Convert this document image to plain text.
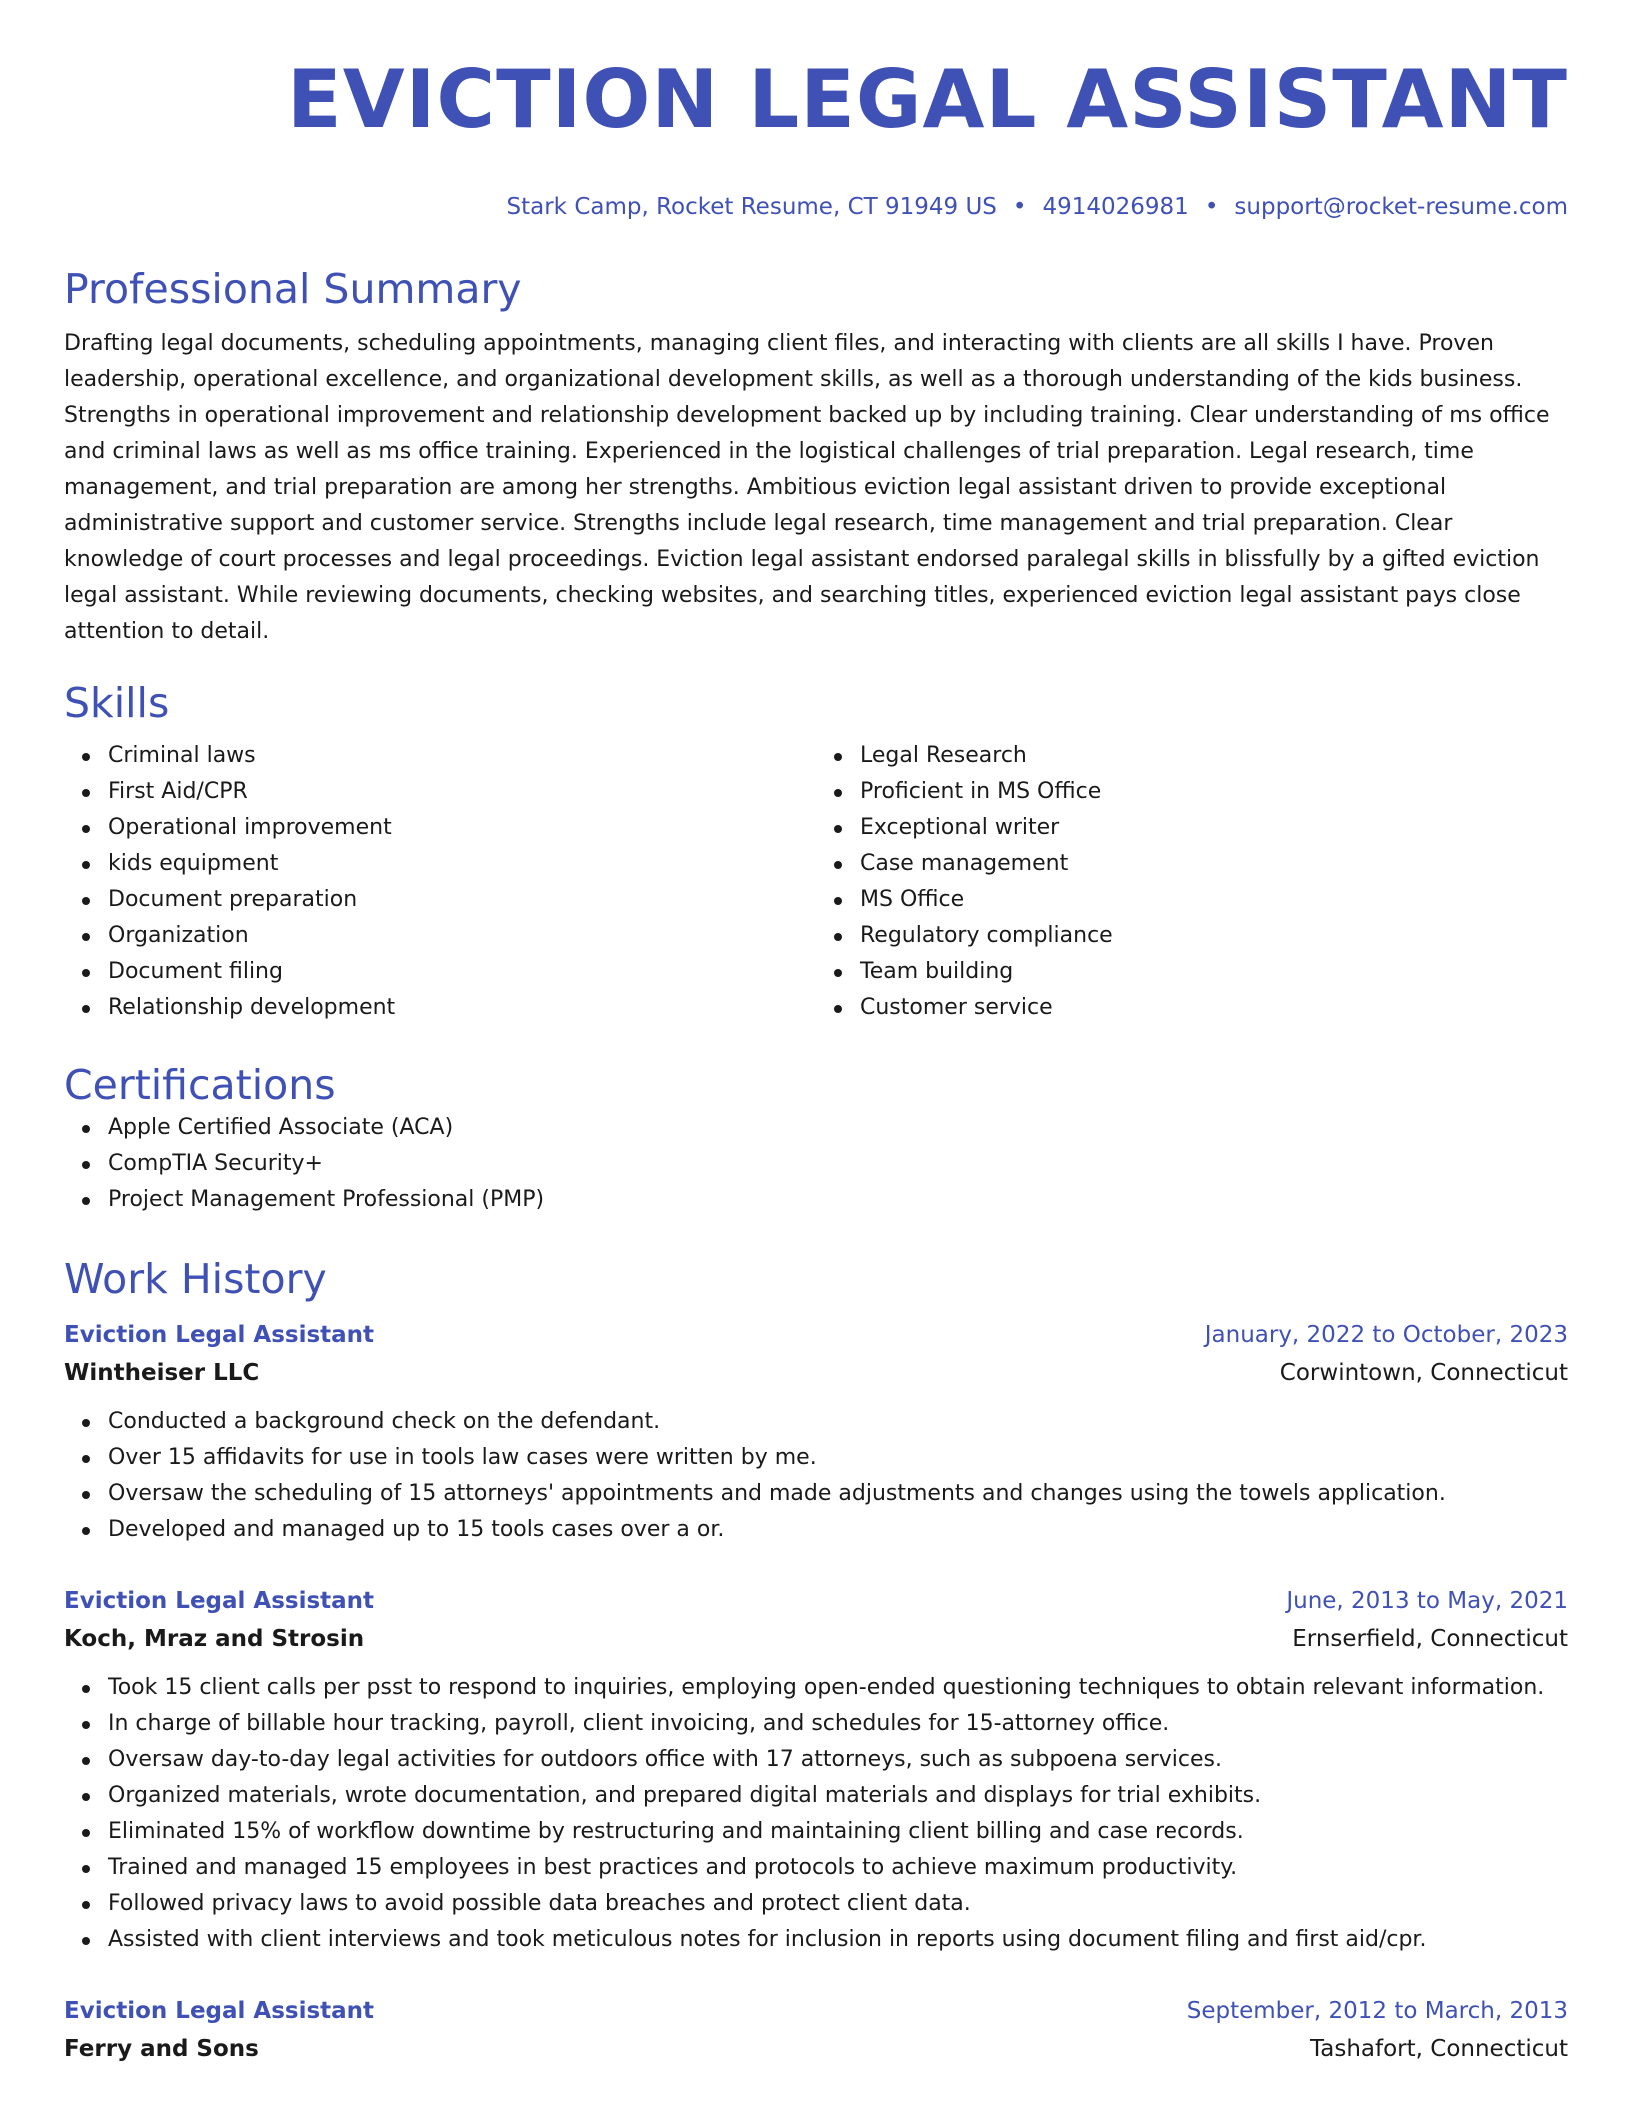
EVICTION LEGAL ASSISTANT
Stark Camp, Rocket Resume, CT 91949 US • 4914026981 • support@rocket-resume.com
Professional Summary

Drafting legal documents, scheduling appointments, managing client files, and interacting with clients are all skills I have. Proven leadership, operational excellence, and organizational development skills, as well as a thorough understanding of the kids business. Strengths in operational improvement and relationship development backed up by including training. Clear understanding of ms office and criminal laws as well as ms office training. Experienced in the logistical challenges of trial preparation. Legal research, time management, and trial preparation are among her strengths. Ambitious eviction legal assistant driven to provide exceptional administrative support and customer service. Strengths include legal research, time management and trial preparation. Clear knowledge of court processes and legal proceedings. Eviction legal assistant endorsed paralegal skills in blissfully by a gifted eviction legal assistant. While reviewing documents, checking websites, and searching titles, experienced eviction legal assistant pays close attention to detail.

Skills
Criminal laws
First Aid/CPR
Operational improvement
kids equipment
Document preparation
Organization
Document filing
Relationship development
Legal Research
Proficient in MS Office
Exceptional writer
Case management
MS Office
Regulatory compliance
Team building
Customer service
Certifications
Apple Certified Associate (ACA)
CompTIA Security+
Project Management Professional (PMP)
Work History
Eviction Legal Assistant	January, 2022 to October, 2023
Wintheiser LLC	Corwintown, Connecticut
Conducted a background check on the defendant.
Over 15 affidavits for use in tools law cases were written by me.
Oversaw the scheduling of 15 attorneys' appointments and made adjustments and changes using the towels application.
Developed and managed up to 15 tools cases over a or.
Eviction Legal Assistant	June, 2013 to May, 2021
Koch, Mraz and Strosin	Ernserfield, Connecticut
Took 15 client calls per psst to respond to inquiries, employing open-ended questioning techniques to obtain relevant information.
In charge of billable hour tracking, payroll, client invoicing, and schedules for 15-attorney office.
Oversaw day-to-day legal activities for outdoors office with 17 attorneys, such as subpoena services.
Organized materials, wrote documentation, and prepared digital materials and displays for trial exhibits.
Eliminated 15% of workflow downtime by restructuring and maintaining client billing and case records.
Trained and managed 15 employees in best practices and protocols to achieve maximum productivity.
Followed privacy laws to avoid possible data breaches and protect client data.
Assisted with client interviews and took meticulous notes for inclusion in reports using document filing and first aid/cpr.
Eviction Legal Assistant	September, 2012 to March, 2013
Ferry and Sons	Tashafort, Connecticut
